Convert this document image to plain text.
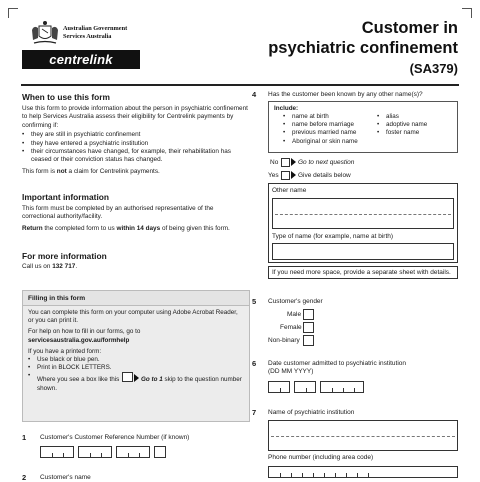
Australian Government
Services Australia
centrelink
Customer in
psychiatric confinement
(SA379)
When to use this form

Use this form to provide information about the person in psychiatric confinement to help Services Australia assess their eligibility for Centrelink payments by confirming if:

• they are still in psychiatric confinement
• they have entered a psychiatric institution
• their circumstances have changed, for example, their rehabilitation has ceased or their conviction status has changed.

This form is not a claim for Centrelink payments.

Important information

This form must be completed by an authorised representative of the correctional authority/facility.

Return the completed form to us within 14 days of being given this form.

For more information

Call us on 132 717.

Filling in this form

You can complete this form on your computer using Adobe Acrobat Reader, or you can print it.

For help on how to fill in our forms, go to

servicesaustralia.gov.au/formhelp

If you have a printed form:

• Use black or blue pen.
• Print in BLOCK LETTERS.
• Where you see a box like this	Go to 1 skip to the question number shown.
1 Customer's Customer Reference Number (if known)
2 Customer's name
4 Has the customer been known by any other name(s)?
Include:
• name at birth
• name before marriage
• previous married name
• Aboriginal or skin name
• alias
• adoptive name
• foster name
No	Go to next question
Yes	Give details below
Other name
Type of name (for example, name at birth)
If you need more space, provide a separate sheet with details.
5 Customer's gender
Male
Female
Non-binary
6 Date customer admitted to psychiatric institution
(DD MM YYYY)
7 Name of psychiatric institution
Phone number (including area code)
